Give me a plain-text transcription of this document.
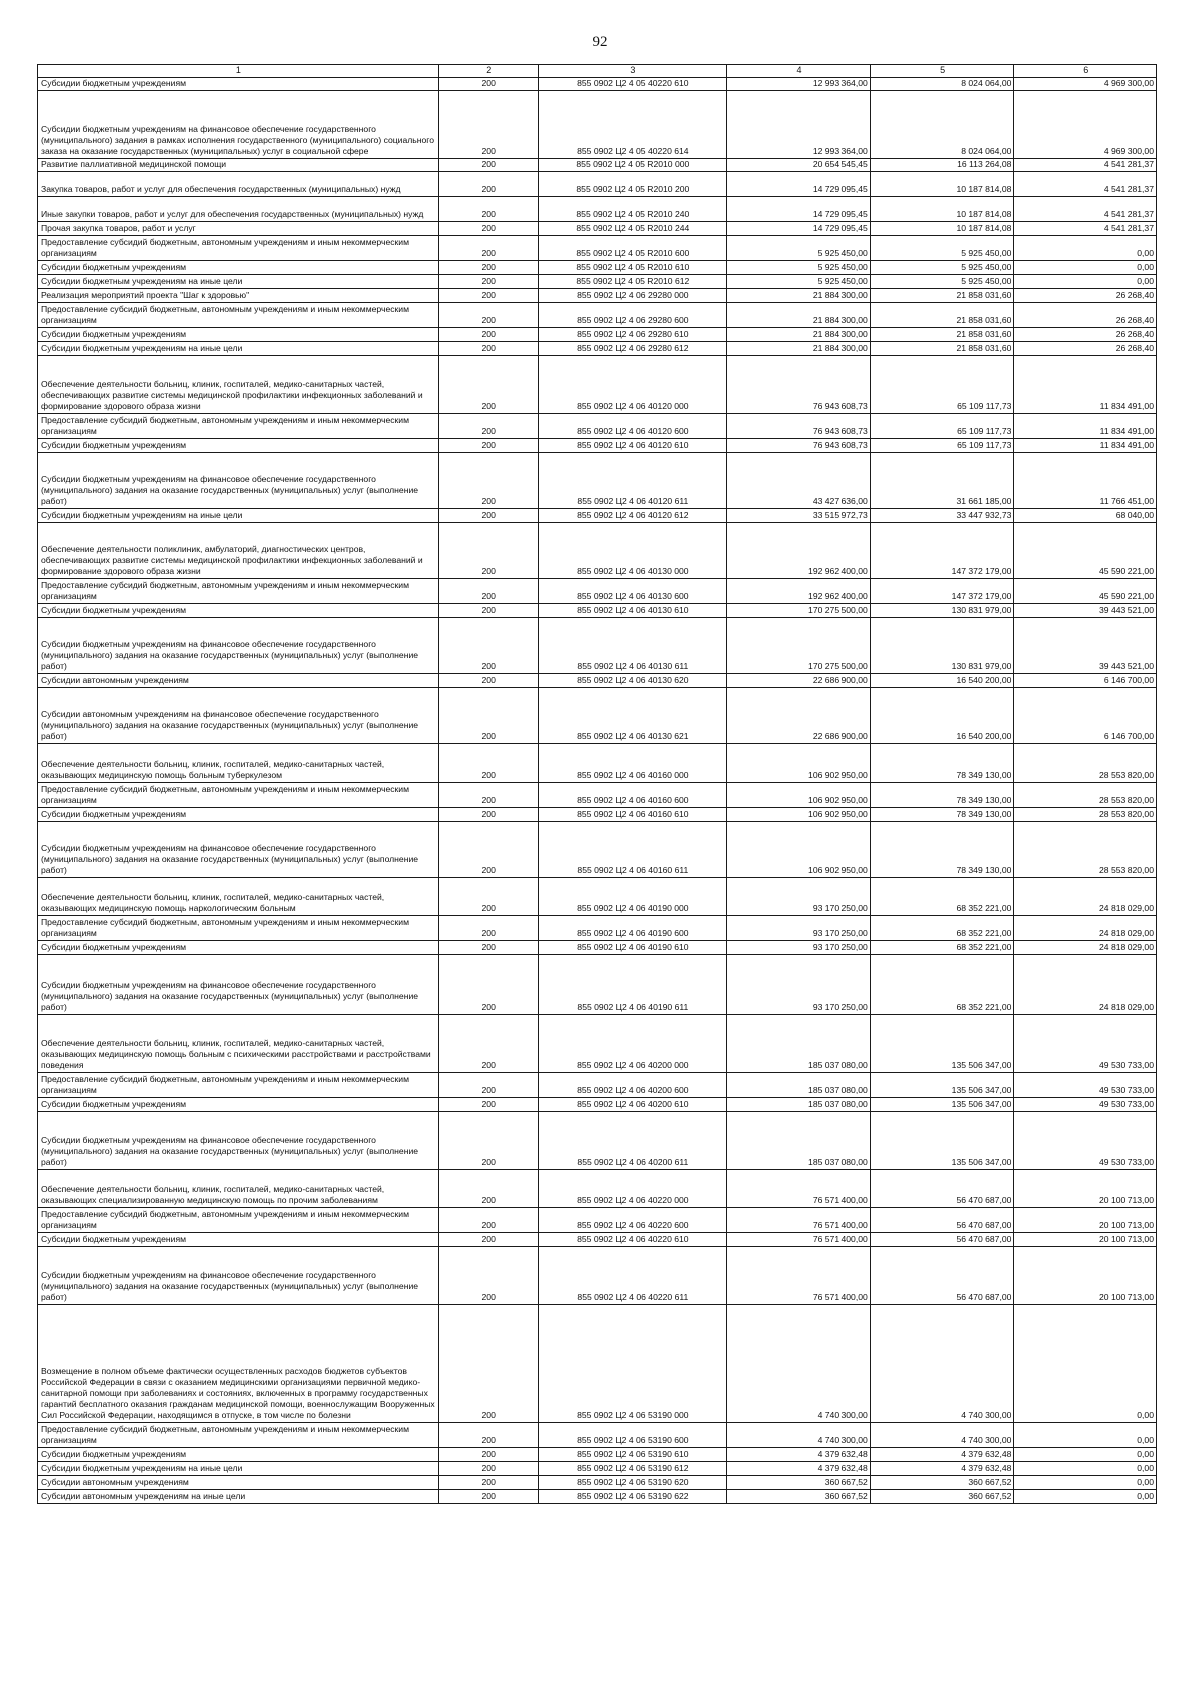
92
1	2	3	4	5	6
Субсидии бюджетным учреждениям	200	855 0902 Ц2 4 05 40220 610	12 993 364,00	8 024 064,00	4 969 300,00
Субсидии бюджетным учреждениям на финансовое обеспечение государственного (муниципального) задания в рамках исполнения государственного (муниципального) социального заказа на оказание государственных (муниципальных) услуг в социальной сфере	200	855 0902 Ц2 4 05 40220 614	12 993 364,00	8 024 064,00	4 969 300,00
Развитие паллиативной медицинской помощи	200	855 0902 Ц2 4 05 R2010 000	20 654 545,45	16 113 264,08	4 541 281,37
Закупка товаров, работ и услуг для обеспечения государственных (муниципальных) нужд	200	855 0902 Ц2 4 05 R2010 200	14 729 095,45	10 187 814,08	4 541 281,37
Иные закупки товаров, работ и услуг для обеспечения государственных (муниципальных) нужд	200	855 0902 Ц2 4 05 R2010 240	14 729 095,45	10 187 814,08	4 541 281,37
Прочая закупка товаров, работ и услуг	200	855 0902 Ц2 4 05 R2010 244	14 729 095,45	10 187 814,08	4 541 281,37
Предоставление субсидий бюджетным, автономным учреждениям и иным некоммерческим организациям	200	855 0902 Ц2 4 05 R2010 600	5 925 450,00	5 925 450,00	0,00
Субсидии бюджетным учреждениям	200	855 0902 Ц2 4 05 R2010 610	5 925 450,00	5 925 450,00	0,00
Субсидии бюджетным учреждениям на иные цели	200	855 0902 Ц2 4 05 R2010 612	5 925 450,00	5 925 450,00	0,00
Реализация мероприятий проекта "Шаг к здоровью"	200	855 0902 Ц2 4 06 29280 000	21 884 300,00	21 858 031,60	26 268,40
Предоставление субсидий бюджетным, автономным учреждениям и иным некоммерческим организациям	200	855 0902 Ц2 4 06 29280 600	21 884 300,00	21 858 031,60	26 268,40
Субсидии бюджетным учреждениям	200	855 0902 Ц2 4 06 29280 610	21 884 300,00	21 858 031,60	26 268,40
Субсидии бюджетным учреждениям на иные цели	200	855 0902 Ц2 4 06 29280 612	21 884 300,00	21 858 031,60	26 268,40
Обеспечение деятельности больниц, клиник, госпиталей, медико-санитарных частей, обеспечивающих развитие системы медицинской профилактики инфекционных заболеваний и формирование здорового образа жизни	200	855 0902 Ц2 4 06 40120 000	76 943 608,73	65 109 117,73	11 834 491,00
Предоставление субсидий бюджетным, автономным учреждениям и иным некоммерческим организациям	200	855 0902 Ц2 4 06 40120 600	76 943 608,73	65 109 117,73	11 834 491,00
Субсидии бюджетным учреждениям	200	855 0902 Ц2 4 06 40120 610	76 943 608,73	65 109 117,73	11 834 491,00
Субсидии бюджетным учреждениям на финансовое обеспечение государственного (муниципального) задания на оказание государственных (муниципальных) услуг (выполнение работ)	200	855 0902 Ц2 4 06 40120 611	43 427 636,00	31 661 185,00	11 766 451,00
Субсидии бюджетным учреждениям на иные цели	200	855 0902 Ц2 4 06 40120 612	33 515 972,73	33 447 932,73	68 040,00
Обеспечение деятельности поликлиник, амбулаторий, диагностических центров, обеспечивающих развитие системы медицинской профилактики инфекционных заболеваний и формирование здорового образа жизни	200	855 0902 Ц2 4 06 40130 000	192 962 400,00	147 372 179,00	45 590 221,00
Предоставление субсидий бюджетным, автономным учреждениям и иным некоммерческим организациям	200	855 0902 Ц2 4 06 40130 600	192 962 400,00	147 372 179,00	45 590 221,00
Субсидии бюджетным учреждениям	200	855 0902 Ц2 4 06 40130 610	170 275 500,00	130 831 979,00	39 443 521,00
Субсидии бюджетным учреждениям на финансовое обеспечение государственного (муниципального) задания на оказание государственных (муниципальных) услуг (выполнение работ)	200	855 0902 Ц2 4 06 40130 611	170 275 500,00	130 831 979,00	39 443 521,00
Субсидии автономным учреждениям	200	855 0902 Ц2 4 06 40130 620	22 686 900,00	16 540 200,00	6 146 700,00
Субсидии автономным учреждениям на финансовое обеспечение государственного (муниципального) задания на оказание государственных (муниципальных) услуг (выполнение работ)	200	855 0902 Ц2 4 06 40130 621	22 686 900,00	16 540 200,00	6 146 700,00
Обеспечение деятельности больниц, клиник, госпиталей, медико-санитарных частей, оказывающих медицинскую помощь больным туберкулезом	200	855 0902 Ц2 4 06 40160 000	106 902 950,00	78 349 130,00	28 553 820,00
Предоставление субсидий бюджетным, автономным учреждениям и иным некоммерческим организациям	200	855 0902 Ц2 4 06 40160 600	106 902 950,00	78 349 130,00	28 553 820,00
Субсидии бюджетным учреждениям	200	855 0902 Ц2 4 06 40160 610	106 902 950,00	78 349 130,00	28 553 820,00
Субсидии бюджетным учреждениям на финансовое обеспечение государственного (муниципального) задания на оказание государственных (муниципальных) услуг (выполнение работ)	200	855 0902 Ц2 4 06 40160 611	106 902 950,00	78 349 130,00	28 553 820,00
Обеспечение деятельности больниц, клиник, госпиталей, медико-санитарных частей, оказывающих медицинскую помощь наркологическим больным	200	855 0902 Ц2 4 06 40190 000	93 170 250,00	68 352 221,00	24 818 029,00
Предоставление субсидий бюджетным, автономным учреждениям и иным некоммерческим организациям	200	855 0902 Ц2 4 06 40190 600	93 170 250,00	68 352 221,00	24 818 029,00
Субсидии бюджетным учреждениям	200	855 0902 Ц2 4 06 40190 610	93 170 250,00	68 352 221,00	24 818 029,00
Субсидии бюджетным учреждениям на финансовое обеспечение государственного (муниципального) задания на оказание государственных (муниципальных) услуг (выполнение работ)	200	855 0902 Ц2 4 06 40190 611	93 170 250,00	68 352 221,00	24 818 029,00
Обеспечение деятельности больниц, клиник, госпиталей, медико-санитарных частей, оказывающих медицинскую помощь больным с психическими расстройствами и расстройствами поведения	200	855 0902 Ц2 4 06 40200 000	185 037 080,00	135 506 347,00	49 530 733,00
Предоставление субсидий бюджетным, автономным учреждениям и иным некоммерческим организациям	200	855 0902 Ц2 4 06 40200 600	185 037 080,00	135 506 347,00	49 530 733,00
Субсидии бюджетным учреждениям	200	855 0902 Ц2 4 06 40200 610	185 037 080,00	135 506 347,00	49 530 733,00
Субсидии бюджетным учреждениям на финансовое обеспечение государственного (муниципального) задания на оказание государственных (муниципальных) услуг (выполнение работ)	200	855 0902 Ц2 4 06 40200 611	185 037 080,00	135 506 347,00	49 530 733,00
Обеспечение деятельности больниц, клиник, госпиталей, медико-санитарных частей, оказывающих специализированную медицинскую помощь по прочим заболеваниям	200	855 0902 Ц2 4 06 40220 000	76 571 400,00	56 470 687,00	20 100 713,00
Предоставление субсидий бюджетным, автономным учреждениям и иным некоммерческим организациям	200	855 0902 Ц2 4 06 40220 600	76 571 400,00	56 470 687,00	20 100 713,00
Субсидии бюджетным учреждениям	200	855 0902 Ц2 4 06 40220 610	76 571 400,00	56 470 687,00	20 100 713,00
Субсидии бюджетным учреждениям на финансовое обеспечение государственного (муниципального) задания на оказание государственных (муниципальных) услуг (выполнение работ)	200	855 0902 Ц2 4 06 40220 611	76 571 400,00	56 470 687,00	20 100 713,00
Возмещение в полном объеме фактически осуществленных расходов бюджетов субъектов Российской Федерации в связи с оказанием медицинскими организациями первичной медико-санитарной помощи при заболеваниях и состояниях, включенных в программу государственных гарантий бесплатного оказания гражданам медицинской помощи, военнослужащим Вооруженных Сил Российской Федерации, находящимся в отпуске, в том числе по болезни	200	855 0902 Ц2 4 06 53190 000	4 740 300,00	4 740 300,00	0,00
Предоставление субсидий бюджетным, автономным учреждениям и иным некоммерческим организациям	200	855 0902 Ц2 4 06 53190 600	4 740 300,00	4 740 300,00	0,00
Субсидии бюджетным учреждениям	200	855 0902 Ц2 4 06 53190 610	4 379 632,48	4 379 632,48	0,00
Субсидии бюджетным учреждениям на иные цели	200	855 0902 Ц2 4 06 53190 612	4 379 632,48	4 379 632,48	0,00
Субсидии автономным учреждениям	200	855 0902 Ц2 4 06 53190 620	360 667,52	360 667,52	0,00
Субсидии автономным учреждениям на иные цели	200	855 0902 Ц2 4 06 53190 622	360 667,52	360 667,52	0,00
